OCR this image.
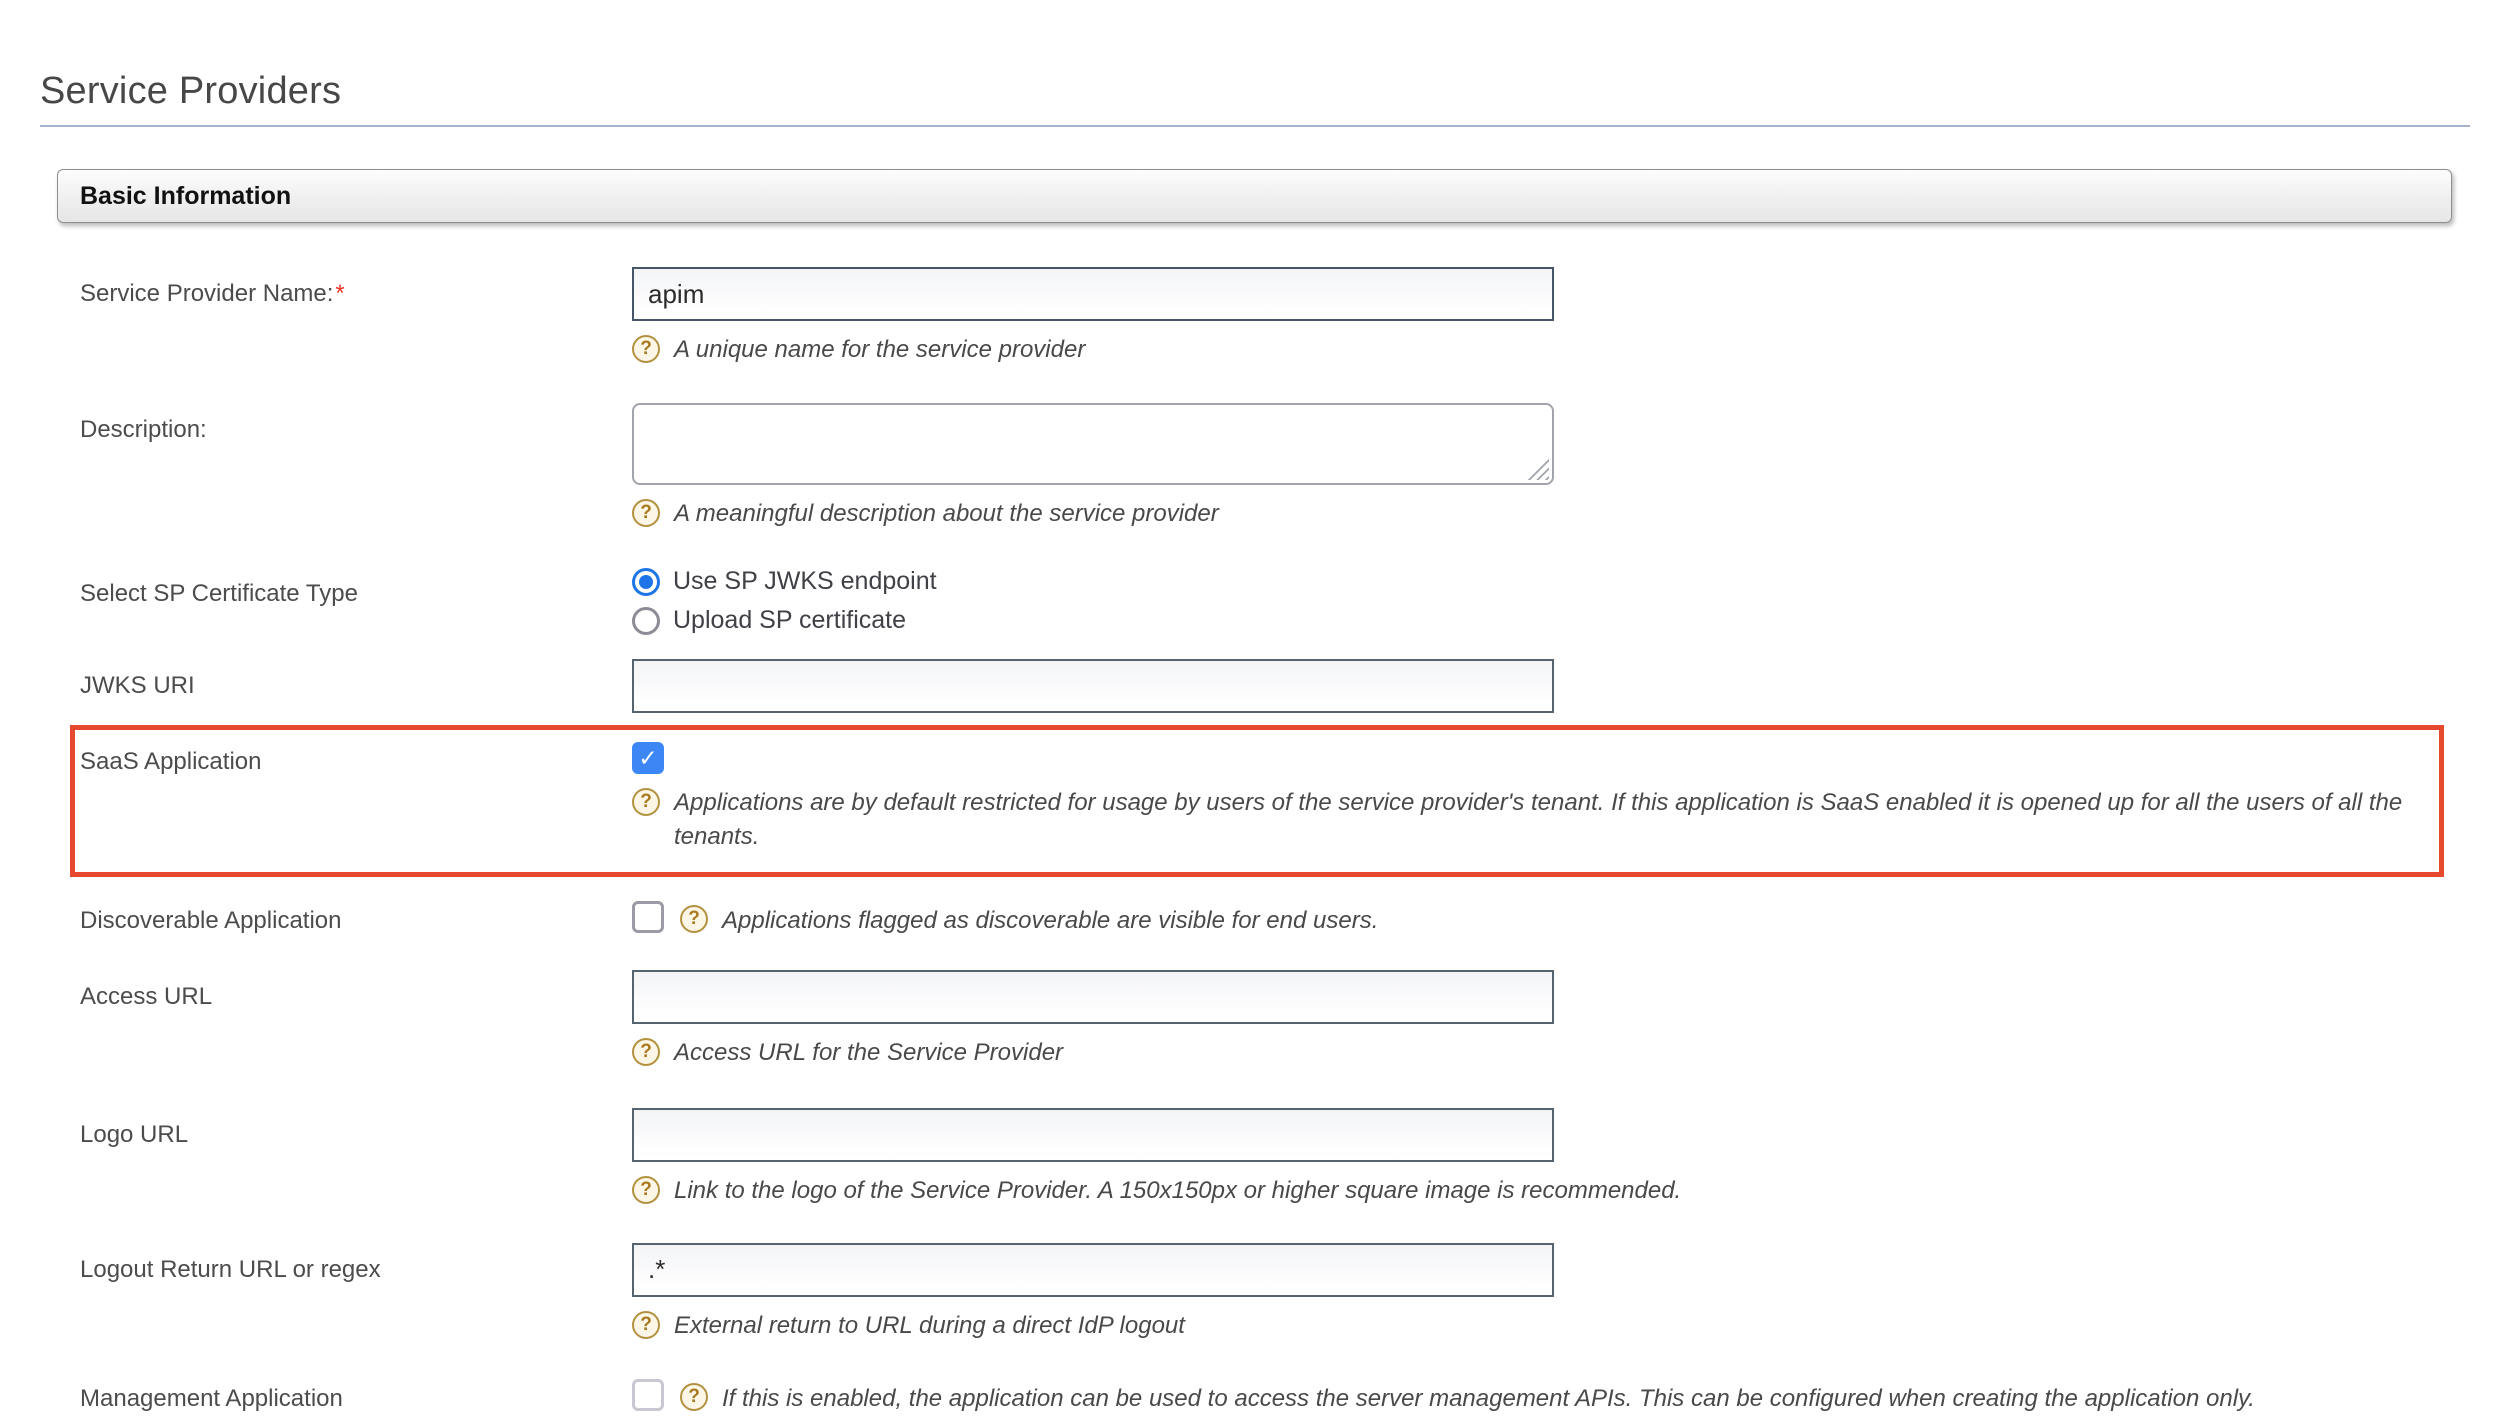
Service Providers
Basic Information
Service Provider Name:*
apim
? A unique name for the service provider
Description:
? A meaningful description about the service provider
Select SP Certificate Type	Use SP JWKS endpoint
Upload SP certificate
JWKS URI
SaaS Application	✓
? Applications are by default restricted for usage by users of the service provider's tenant. If this application is SaaS enabled it is opened up for all the users of all the tenants.
Discoverable Application	? Applications flagged as discoverable are visible for end users.
Access URL
? Access URL for the Service Provider
Logo URL
? Link to the logo of the Service Provider. A 150x150px or higher square image is recommended.
Logout Return URL or regex
.*
? External return to URL during a direct IdP logout
Management Application	? If this is enabled, the application can be used to access the server management APIs. This can be configured when creating the application only.
